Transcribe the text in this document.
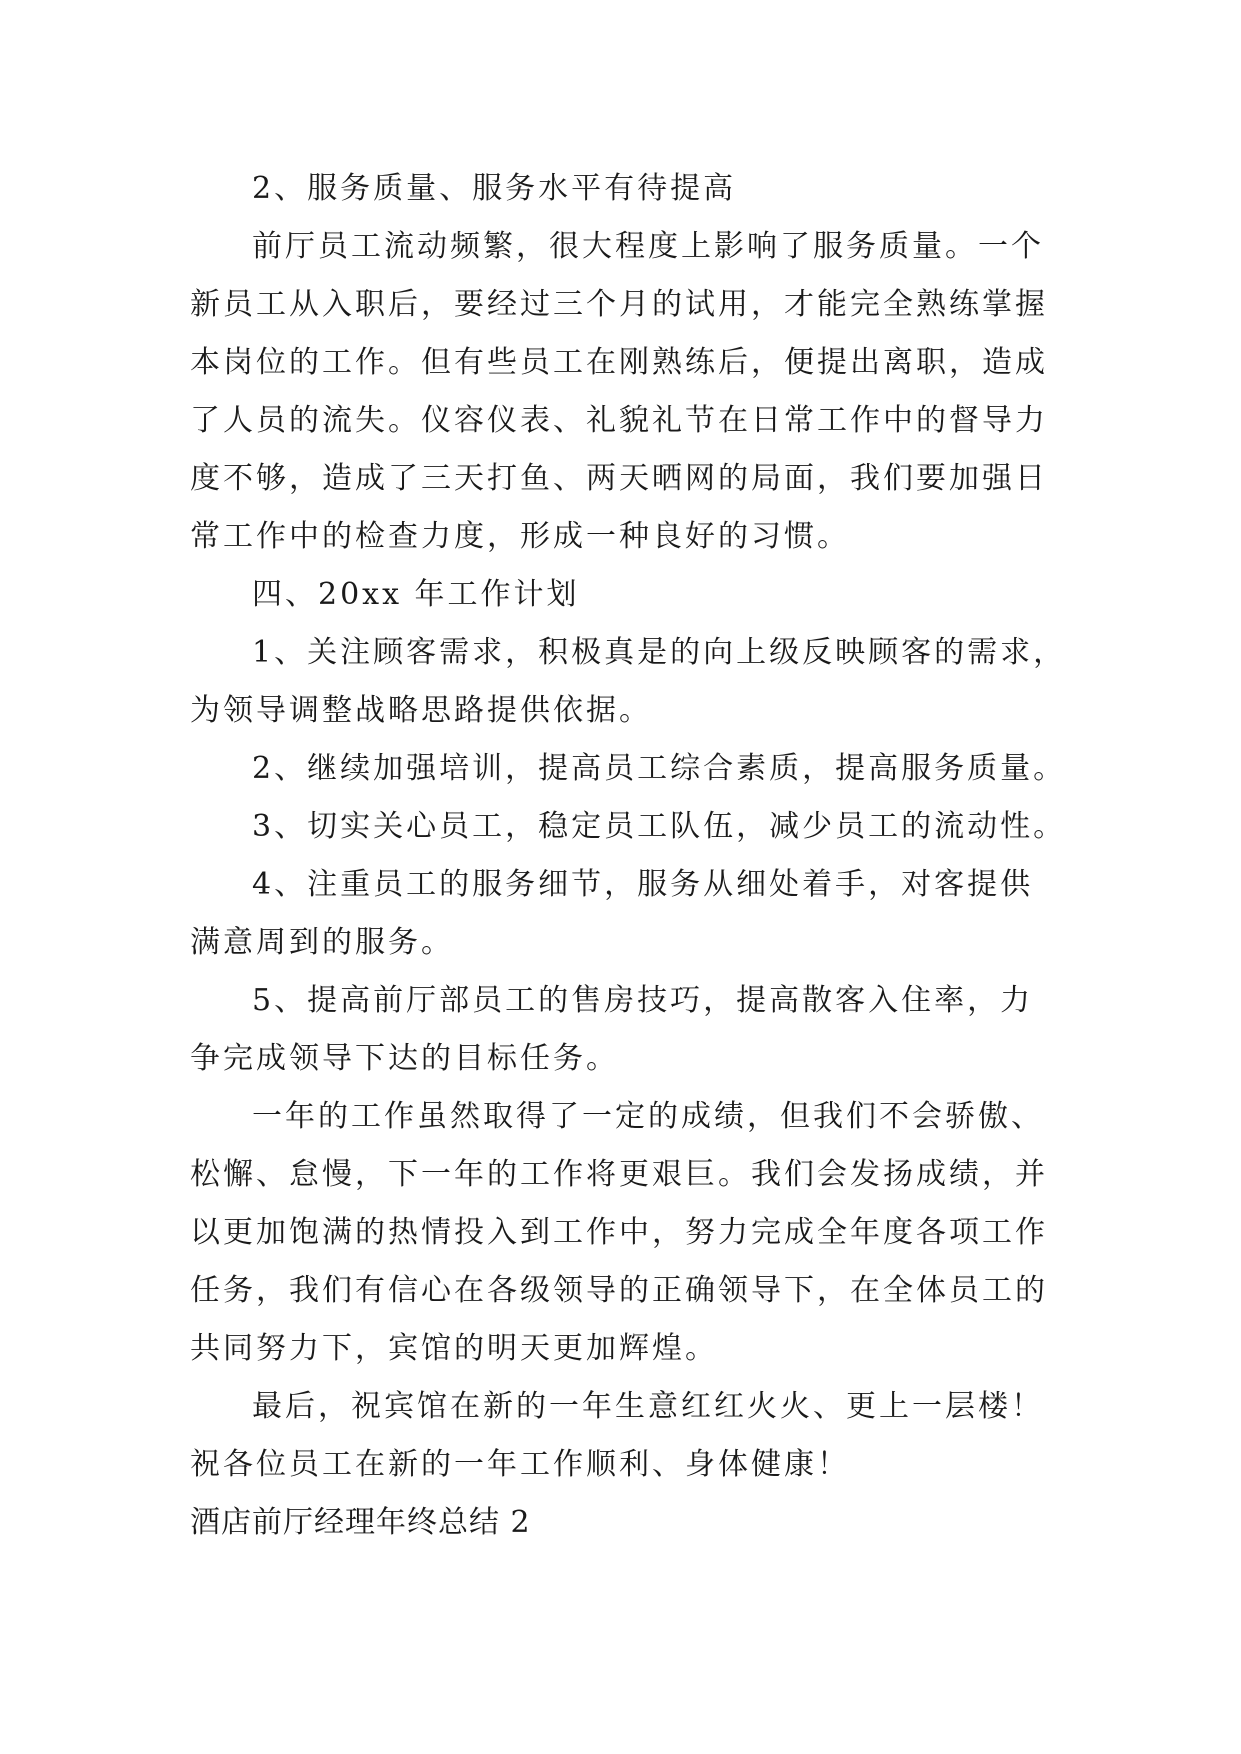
2、服务质量、服务水平有待提高
前厅员工流动频繁，很大程度上影响了服务质量。一个
新员工从入职后，要经过三个月的试用，才能完全熟练掌握
本岗位的工作。但有些员工在刚熟练后，便提出离职，造成
了人员的流失。仪容仪表、礼貌礼节在日常工作中的督导力
度不够，造成了三天打鱼、两天晒网的局面，我们要加强日
常工作中的检查力度，形成一种良好的习惯。
四、20xx 年工作计划
1、关注顾客需求，积极真是的向上级反映顾客的需求，
为领导调整战略思路提供依据。
2、继续加强培训，提高员工综合素质，提高服务质量。
3、切实关心员工，稳定员工队伍，减少员工的流动性。
4、注重员工的服务细节，服务从细处着手，对客提供
满意周到的服务。
5、提高前厅部员工的售房技巧，提高散客入住率，力
争完成领导下达的目标任务。
一年的工作虽然取得了一定的成绩，但我们不会骄傲、
松懈、怠慢，下一年的工作将更艰巨。我们会发扬成绩，并
以更加饱满的热情投入到工作中，努力完成全年度各项工作
任务，我们有信心在各级领导的正确领导下，在全体员工的
共同努力下，宾馆的明天更加辉煌。
最后，祝宾馆在新的一年生意红红火火、更上一层楼！
祝各位员工在新的一年工作顺利、身体健康！
酒店前厅经理年终总结 2
